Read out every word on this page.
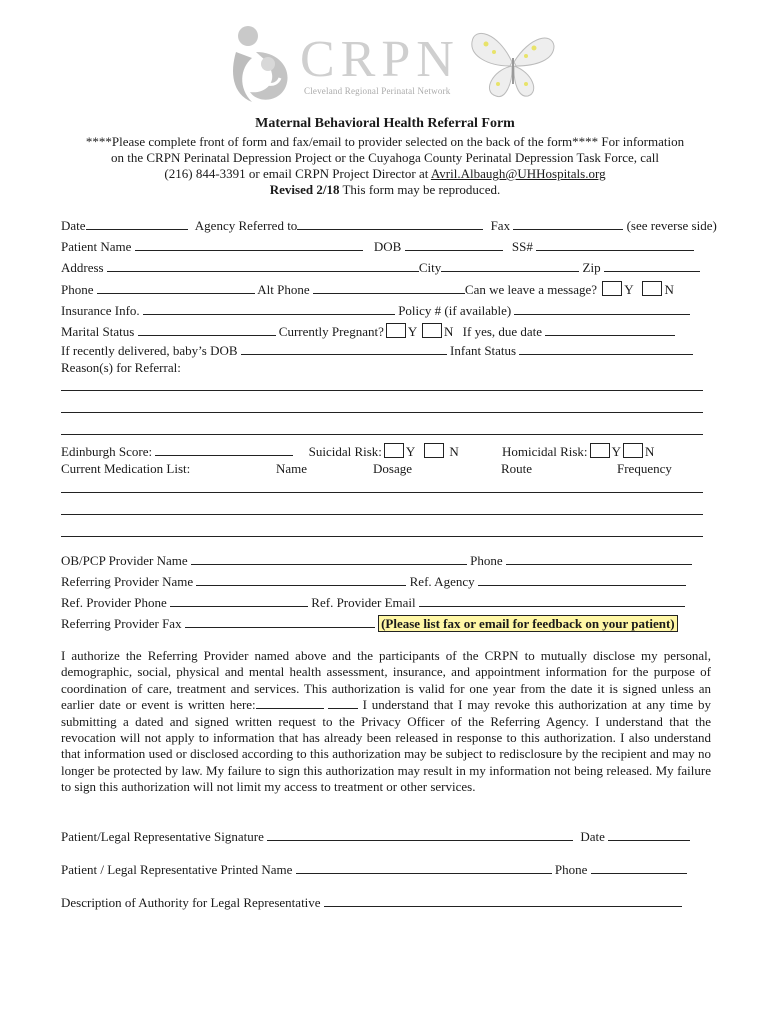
CRPN
Cleveland Regional Perinatal Network
Maternal Behavioral Health Referral Form
****Please complete front of form and fax/email to provider selected on the back of the form**** For information
on the CRPN Perinatal Depression Project or the Cuyahoga County Perinatal Depression Task Force, call
(216) 844-3391 or email CRPN Project Director at Avril.Albaugh@UHHospitals.org
Revised 2/18 This form may be reproduced.
Date	Agency Referred to	Fax	(see reverse side)
Patient Name	DOB	SS#
Address	City	Zip
Phone	Alt Phone	Can we leave a message? Y N
Insurance Info.	Policy # (if available)
Marital Status	Currently Pregnant? Y N If yes, due date
If recently delivered, baby’s DOB	Infant Status
Reason(s) for Referral:
Edinburgh Score:	Suicidal Risk: Y	N	Homicidal Risk: Y N
Current Medication List:	Name	Dosage	Route	Frequency
OB/PCP Provider Name	Phone
Referring Provider Name	Ref. Agency
Ref. Provider Phone	Ref. Provider Email
Referring Provider Fax	(Please list fax or email for feedback on your patient)
I authorize the Referring Provider named above and the participants of the CRPN to mutually disclose my personal, demographic, social, physical and mental health assessment, insurance, and appointment information for the purpose of coordination of care, treatment and services. This authorization is valid for one year from the date it is signed unless an earlier date or event is written here:	I understand that I may revoke this authorization at any time by submitting a dated and signed written request to the Privacy Officer of the Referring Agency. I understand that the revocation will not apply to information that has already been released in response to this authorization. I also understand that information used or disclosed according to this authorization may be subject to redisclosure by the recipient and may no longer be protected by law. My failure to sign this authorization may result in my information not being released. My failure to sign this authorization will not limit my access to treatment or other services.
Patient/Legal Representative Signature	Date
Patient / Legal Representative Printed Name	Phone
Description of Authority for Legal Representative
